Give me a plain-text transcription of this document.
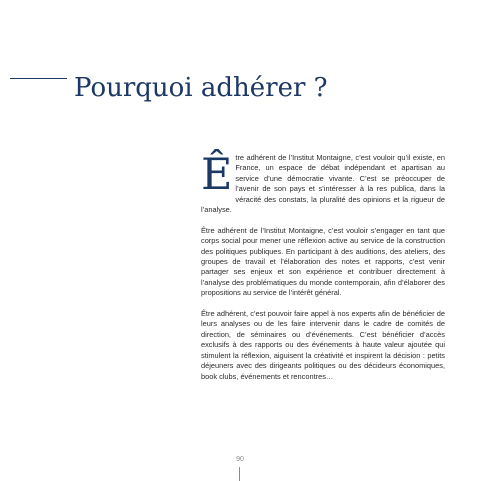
Pourquoi adhérer ?
Ê tre adhérent de l’Institut Montaigne, c’est vouloir qu’il existe, en France, un espace de débat indépendant et apartisan au service d’une démocratie vivante. C’est se préoccuper de l’avenir de son pays et s’intéresser à la res publica, dans la véracité des constats, la pluralité des opinions et la rigueur de l’analyse.

Être adhérent de l’Institut Montaigne, c’est vouloir s’engager en tant que corps social pour mener une réflexion active au service de la construction des politiques publiques. En participant à des auditions, des ateliers, des groupes de travail et l’élaboration des notes et rapports, c’est venir partager ses enjeux et son expérience et contribuer directement à l’analyse des problématiques du monde contemporain, afin d’élaborer des propositions au service de l’intérêt général.

Être adhérent, c’est pouvoir faire appel à nos experts afin de bénéficier de leurs analyses ou de les faire intervenir dans le cadre de comités de direction, de séminaires ou d’événements. C’est bénéficier d’accès exclusifs à des rapports ou des événements à haute valeur ajoutée qui stimulent la réflexion, aiguisent la créativité et inspirent la décision : petits déjeuners avec des dirigeants politiques ou des décideurs économiques, book clubs, événements et rencontres…

90
